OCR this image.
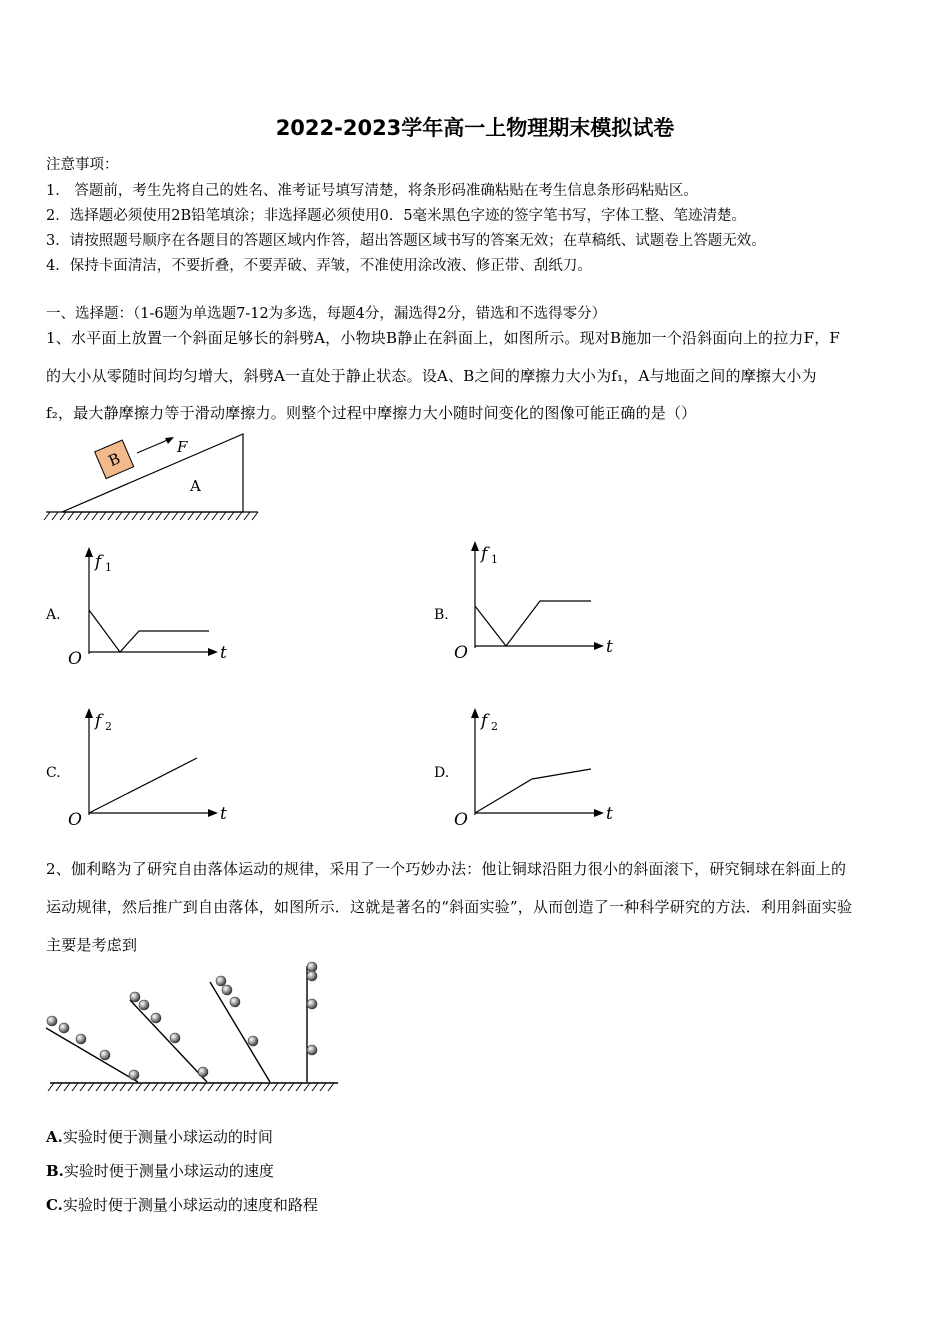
2022-2023学年高一上物理期末模拟试卷
注意事项：
1． 答题前，考生先将自己的姓名、准考证号填写清楚，将条形码准确粘贴在考生信息条形码粘贴区。
2．选择题必须使用2B铅笔填涂；非选择题必须使用0．5毫米黑色字迹的签字笔书写，字体工整、笔迹清楚。
3．请按照题号顺序在各题目的答题区域内作答，超出答题区域书写的答案无效；在草稿纸、试题卷上答题无效。
4．保持卡面清洁，不要折叠，不要弄破、弄皱，不准使用涂改液、修正带、刮纸刀。
一、选择题：（1-6题为单选题7-12为多选，每题4分，漏选得2分，错选和不选得零分）
1、水平面上放置一个斜面足够长的斜劈A，小物块B静止在斜面上，如图所示。现对B施加一个沿斜面向上的拉力F，F
的大小从零随时间均匀增大，斜劈A一直处于静止状态。设A、B之间的摩擦力大小为f₁，A与地面之间的摩擦大小为
f₂，最大静摩擦力等于滑动摩擦力。则整个过程中摩擦力大小随时间变化的图像可能正确的是（）
B
F
A
A.
f 1
t
O
B.
f 1
t
O
C.
f 2
t
O
D.
f 2
t
O
2、伽利略为了研究自由落体运动的规律，采用了一个巧妙办法：他让铜球沿阻力很小的斜面滚下，研究铜球在斜面上的
运动规律，然后推广到自由落体，如图所示．这就是著名的“斜面实验”，从而创造了一种科学研究的方法．利用斜面实验
主要是考虑到
A.实验时便于测量小球运动的时间
B.实验时便于测量小球运动的速度
C.实验时便于测量小球运动的速度和路程
